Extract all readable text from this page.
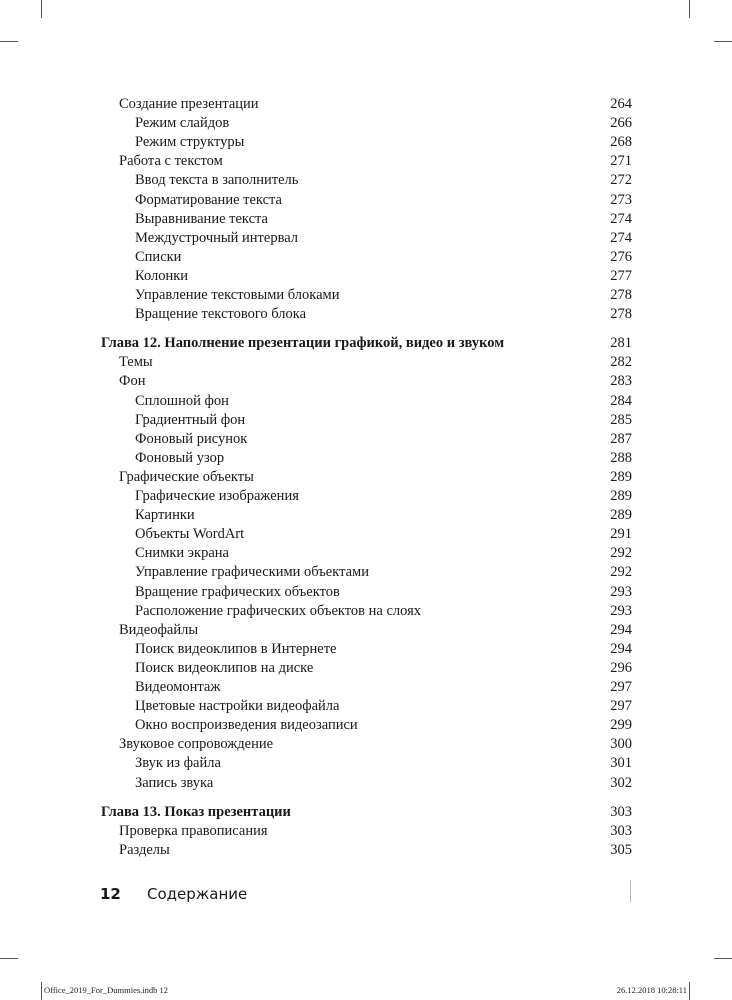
Создание презентации	264
Режим слайдов	266
Режим структуры	268
Работа с текстом	271
Ввод текста в заполнитель	272
Форматирование текста	273
Выравнивание текста	274
Междустрочный интервал	274
Списки	276
Колонки	277
Управление текстовыми блоками	278
Вращение текстового блока	278
Глава 12. Наполнение презентации графикой, видео и звуком	281
Темы	282
Фон	283
Сплошной фон	284
Градиентный фон	285
Фоновый рисунок	287
Фоновый узор	288
Графические объекты	289
Графические изображения	289
Картинки	289
Объекты WordArt	291
Снимки экрана	292
Управление графическими объектами	292
Вращение графических объектов	293
Расположение графических объектов на слоях	293
Видеофайлы	294
Поиск видеоклипов в Интернете	294
Поиск видеоклипов на диске	296
Видеомонтаж	297
Цветовые настройки видеофайла	297
Окно воспроизведения видеозаписи	299
Звуковое сопровождение	300
Звук из файла	301
Запись звука	302
Глава 13. Показ презентации	303
Проверка правописания	303
Разделы	305
12 Содержание
Office_2019_For_Dummies.indb 12	26.12.2018 10:28:11
